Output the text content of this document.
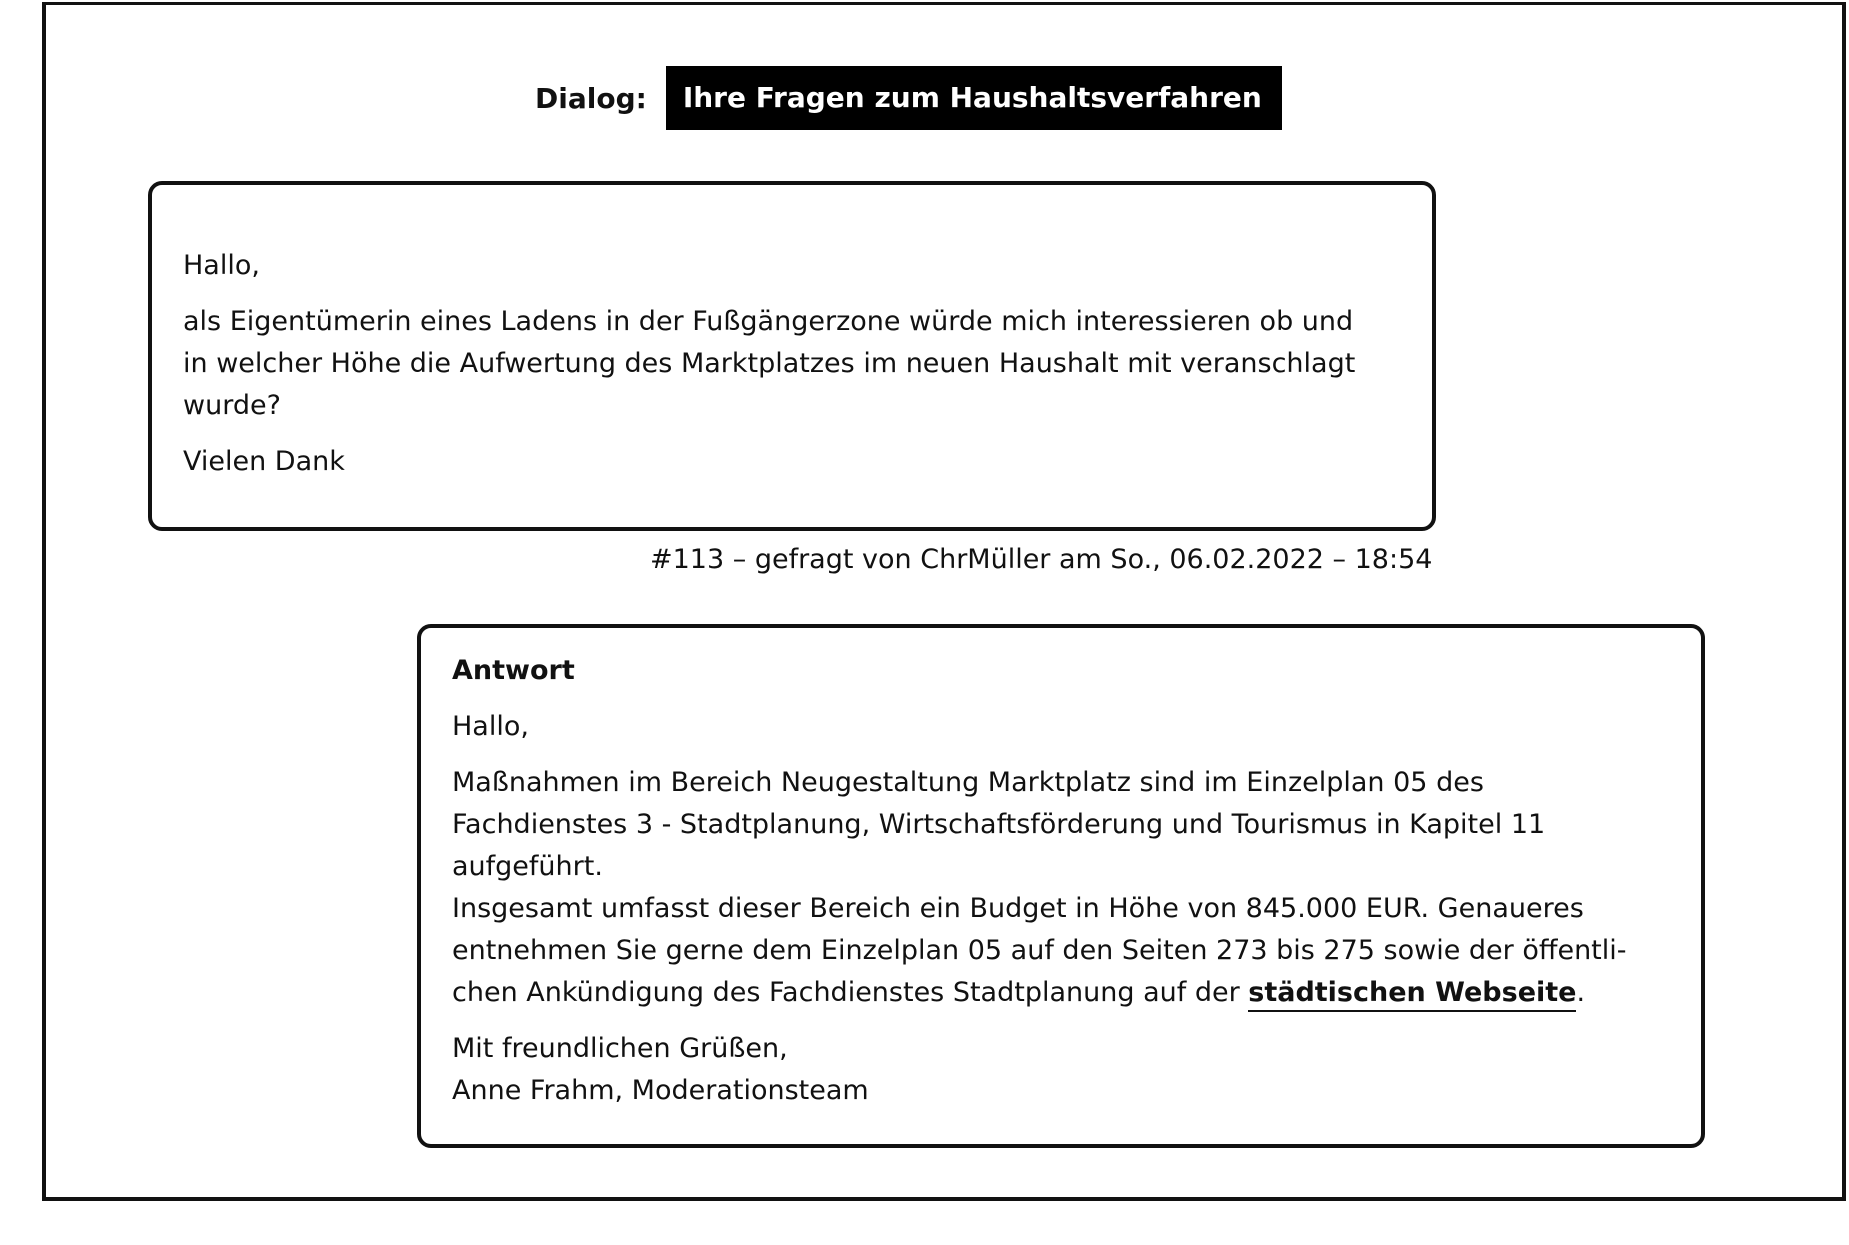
Dialog:	Ihre Fragen zum Haushaltsverfahren

Hallo,

als Eigentümerin eines Ladens in der Fußgängerzone würde mich interessieren ob und

in welcher Höhe die Aufwertung des Marktplatzes im neuen Haushalt mit veranschlagt

wurde?

Vielen Dank

#113 – gefragt von ChrMüller am So., 06.02.2022 – 18:54

Antwort

Hallo,

Maßnahmen im Bereich Neugestaltung Marktplatz sind im Einzelplan 05 des

Fachdienstes 3 - Stadtplanung, Wirtschaftsförderung und Tourismus in Kapitel 11

aufgeführt.

Insgesamt umfasst dieser Bereich ein Budget in Höhe von 845.000 EUR. Genaueres

entnehmen Sie gerne dem Einzelplan 05 auf den Seiten 273 bis 275 sowie der öffentli-

chen Ankündigung des Fachdienstes Stadtplanung auf der städtischen Webseite.

Mit freundlichen Grüßen,

Anne Frahm, Moderationsteam
